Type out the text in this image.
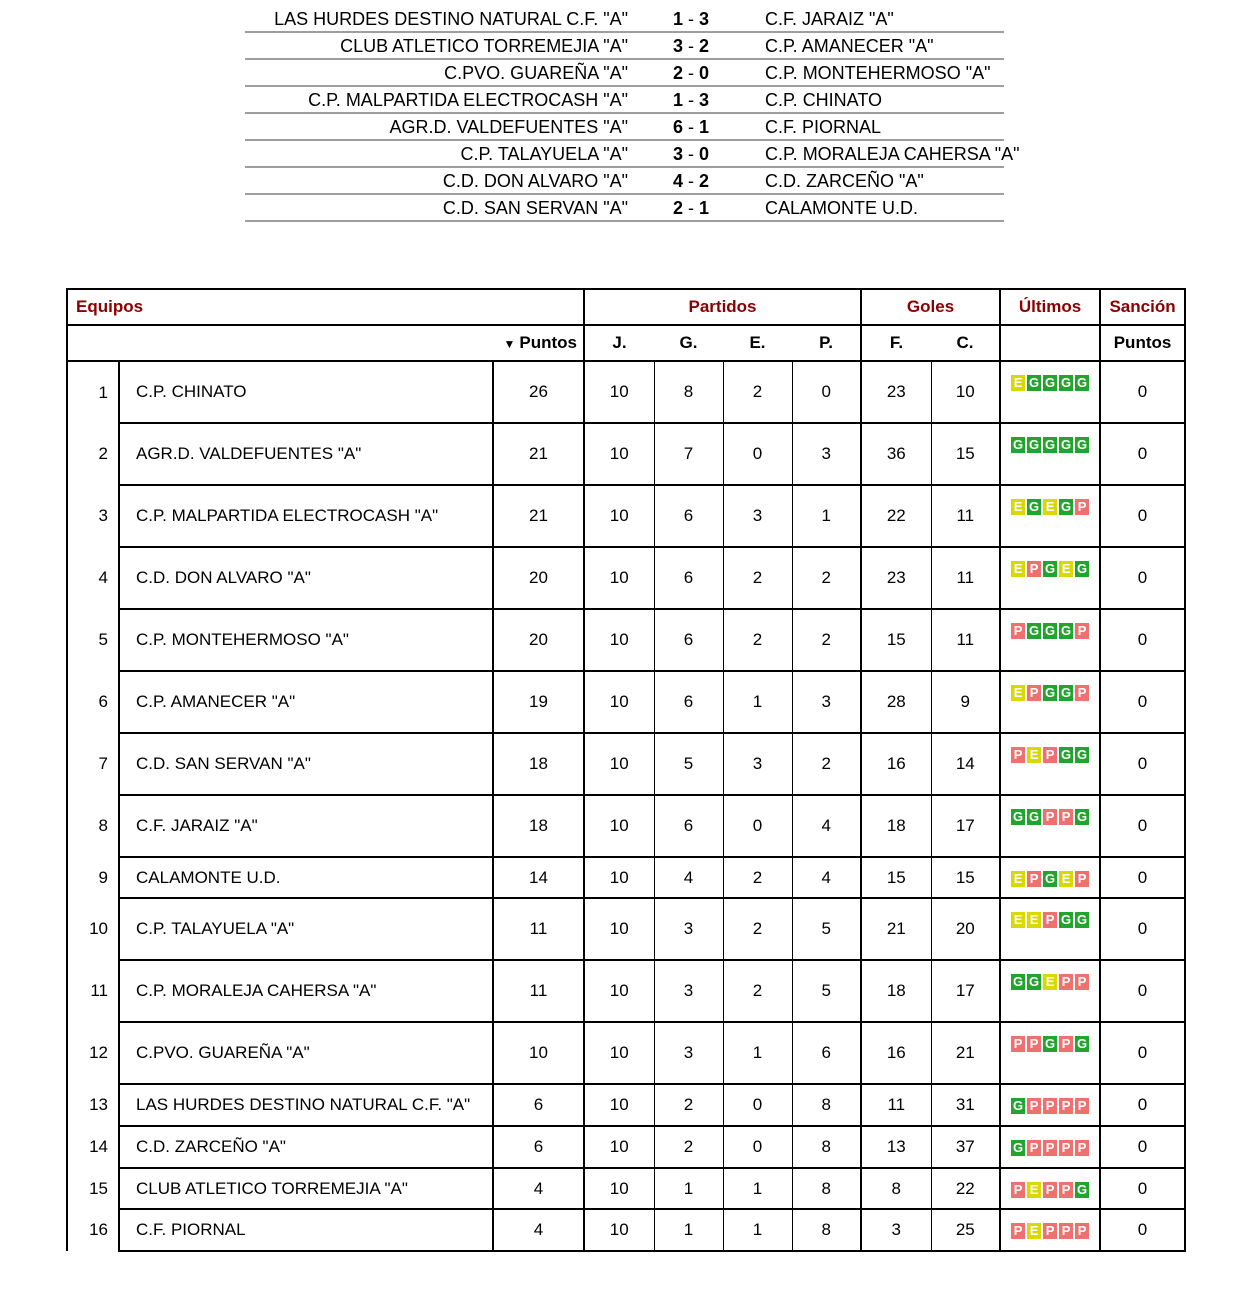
LAS HURDES DESTINO NATURAL C.F. "A"	1 - 3	C.F. JARAIZ "A"
CLUB ATLETICO TORREMEJIA "A"	3 - 2	C.P. AMANECER "A"
C.PVO. GUAREÑA "A"	2 - 0	C.P. MONTEHERMOSO "A"
C.P. MALPARTIDA ELECTROCASH "A"	1 - 3	C.P. CHINATO
AGR.D. VALDEFUENTES "A"	6 - 1	C.F. PIORNAL
C.P. TALAYUELA "A"	3 - 0	C.P. MORALEJA CAHERSA "A"
C.D. DON ALVARO "A"	4 - 2	C.D. ZARCEÑO "A"
C.D. SAN SERVAN "A"	2 - 1	CALAMONTE U.D.
Equipos			Partidos				Goles		Últimos	Sanción
▼ Puntos			J.	G.	E.	P.	F.	C.		Puntos
1	C.P. CHINATO	26	10	8	2	0	23	10	E G G G G	0
2	AGR.D. VALDEFUENTES "A"	21	10	7	0	3	36	15	G G G G G	0
3	C.P. MALPARTIDA ELECTROCASH "A"	21	10	6	3	1	22	11	E G E G P	0
4	C.D. DON ALVARO "A"	20	10	6	2	2	23	11	E P G E G	0
5	C.P. MONTEHERMOSO "A"	20	10	6	2	2	15	11	P G G G P	0
6	C.P. AMANECER "A"	19	10	6	1	3	28	9	E P G G P	0
7	C.D. SAN SERVAN "A"	18	10	5	3	2	16	14	P E P G G	0
8	C.F. JARAIZ "A"	18	10	6	0	4	18	17	G G P P G	0
9	CALAMONTE U.D.	14	10	4	2	4	15	15	E P G E P	0
10	C.P. TALAYUELA "A"	11	10	3	2	5	21	20	E E P G G	0
11	C.P. MORALEJA CAHERSA "A"	11	10	3	2	5	18	17	G G E P P	0
12	C.PVO. GUAREÑA "A"	10	10	3	1	6	16	21	P P G P G	0
13	LAS HURDES DESTINO NATURAL C.F. "A"	6	10	2	0	8	11	31	G P P P P	0
14	C.D. ZARCEÑO "A"	6	10	2	0	8	13	37	G P P P P	0
15	CLUB ATLETICO TORREMEJIA "A"	4	10	1	1	8	8	22	P E P P G	0
16	C.F. PIORNAL	4	10	1	1	8	3	25	P E P P P	0
